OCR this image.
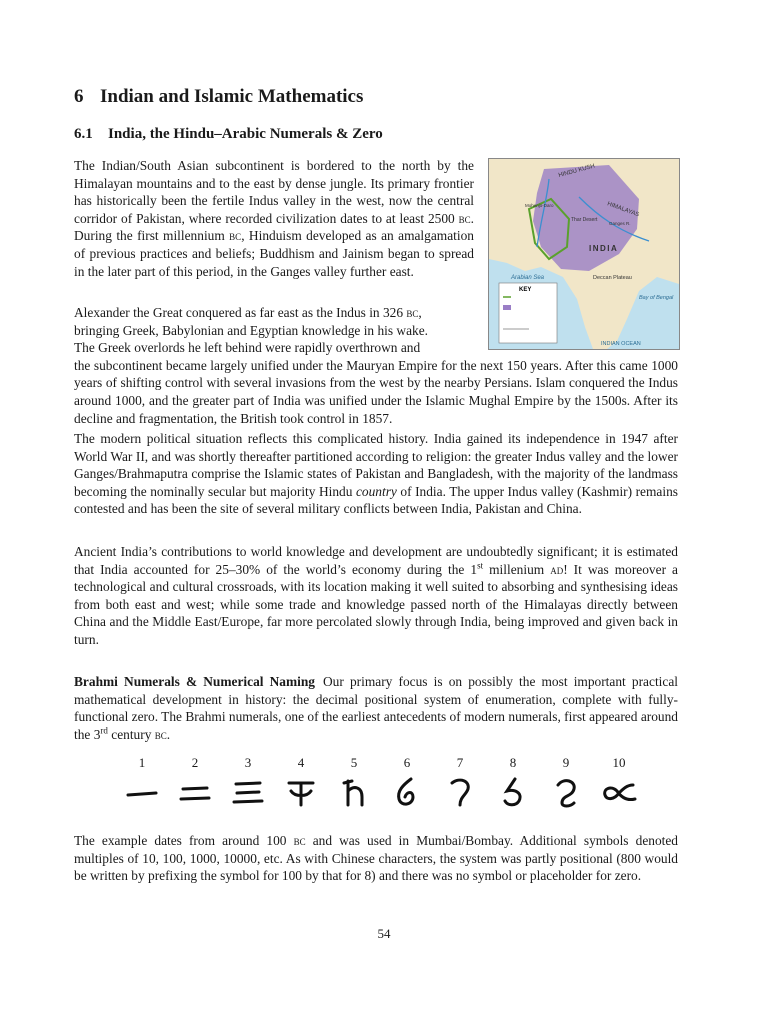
6 Indian and Islamic Mathematics
6.1 India, the Hindu–Arabic Numerals & Zero

The Indian/South Asian subcontinent is bordered to the north by the Himalayan mountains and to the east by dense jungle. Its primary frontier has historically been the fertile Indus valley in the west, now the central corridor of Pakistan, where recorded civilization dates to at least 2500 bc. During the first millennium bc, Hinduism developed as an amalgamation of previous practices and beliefs; Buddhism and Jainism began to spread in the later part of this period, in the Ganges valley further east.

HINDU KUSH
HIMALAYAS
INDIA
Arabian Sea
Bay of Bengal
Deccan Plateau
Thar Desert
INDIAN OCEAN
Mohenjo-Daro
Ganges R.
KEY

Alexander the Great conquered as far east as the Indus in 326 bc,
bringing Greek, Babylonian and Egyptian knowledge in his wake.
The Greek overlords he left behind were rapidly overthrown and
the subcontinent became largely unified under the Mauryan Empire for the next 150 years. After this came 1000 years of shifting control with several invasions from the west by the nearby Persians. Islam conquered the Indus around 1000, and the greater part of India was unified under the Islamic Mughal Empire by the 1500s. After its decline and fragmentation, the British took control in 1857.

The modern political situation reflects this complicated history. India gained its independence in 1947 after World War II, and was shortly thereafter partitioned according to religion: the greater Indus valley and the lower Ganges/Brahmaputra comprise the Islamic states of Pakistan and Bangladesh, with the majority of the landmass becoming the nominally secular but majority Hindu country of India. The upper Indus valley (Kashmir) remains contested and has been the site of several military conflicts between India, Pakistan and China.

Ancient India’s contributions to world knowledge and development are undoubtedly significant; it is estimated that India accounted for 25–30% of the world’s economy during the 1st millenium ad! It was moreover a technological and cultural crossroads, with its location making it well suited to absorbing and synthesising ideas from both east and west; while some trade and knowledge passed north of the Himalayas directly between China and the Middle East/Europe, far more percolated slowly through India, being improved and given back in turn.

Brahmi Numerals & Numerical Naming Our primary focus is on possibly the most important practical mathematical development in history: the decimal positional system of enumeration, complete with fully-functional zero. The Brahmi numerals, one of the earliest antecedents of modern numerals, first appeared around the 3rd century bc.

1	2	3	4	5	6	7	8	9	10

The example dates from around 100 bc and was used in Mumbai/Bombay. Additional symbols denoted multiples of 10, 100, 1000, 10000, etc. As with Chinese characters, the system was partly positional (800 would be written by prefixing the symbol for 100 by that for 8) and there was no symbol or placeholder for zero.

54
